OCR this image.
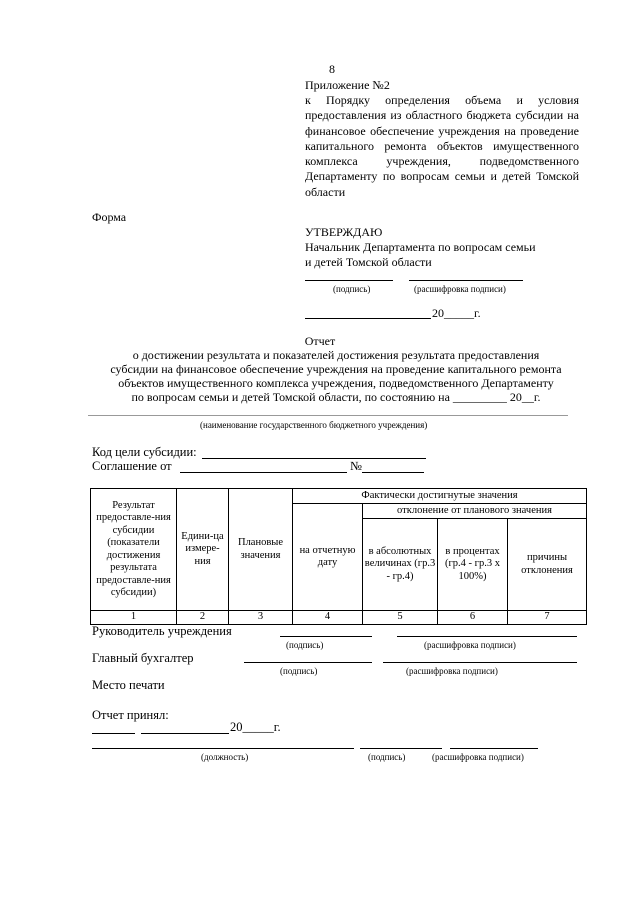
8
Приложение №2
к Порядку определения объема и условия предоставления из областного бюджета субсидии на финансовое обеспечение учреждения на проведение капитального ремонта объектов имущественного комплекса учреждения, подведомственного Департаменту по вопросам семьи и детей Томской области
Форма
УТВЕРЖДАЮ
Начальник Департамента по вопросам семьи
и детей Томской области
(подпись)	(расшифровка подписи)
20_____г.
Отчет
о достижении результата и показателей достижения результата предоставления
субсидии на финансовое обеспечение учреждения на проведение капитального ремонта
объектов имущественного комплекса учреждения, подведомственного Департаменту
по вопросам семьи и детей Томской области, по состоянию на _________ 20__г.
(наименование государственного бюджетного учреждения)
Код цели субсидии:
Соглашение от	№
Результат предоставле-ния субсидии (показатели достижения результата предоставле-ния субсидии)	Едини-ца измере-ния	Плановые значения	Фактически достигнутые значения			
			на отчетную дату	отклонение от планового значения		
				в абсолютных величинах (гр.3 - гр.4)	в процентах (гр.4 - гр.3 x 100%)	причины отклонения
1	2	3	4	5	6	7
Руководитель учреждения
(подпись)	(расшифровка подписи)
Главный бухгалтер
(подпись)	(расшифровка подписи)
Место печати
Отчет принял:
20_____г.
(должность)	(подпись)	(расшифровка подписи)
